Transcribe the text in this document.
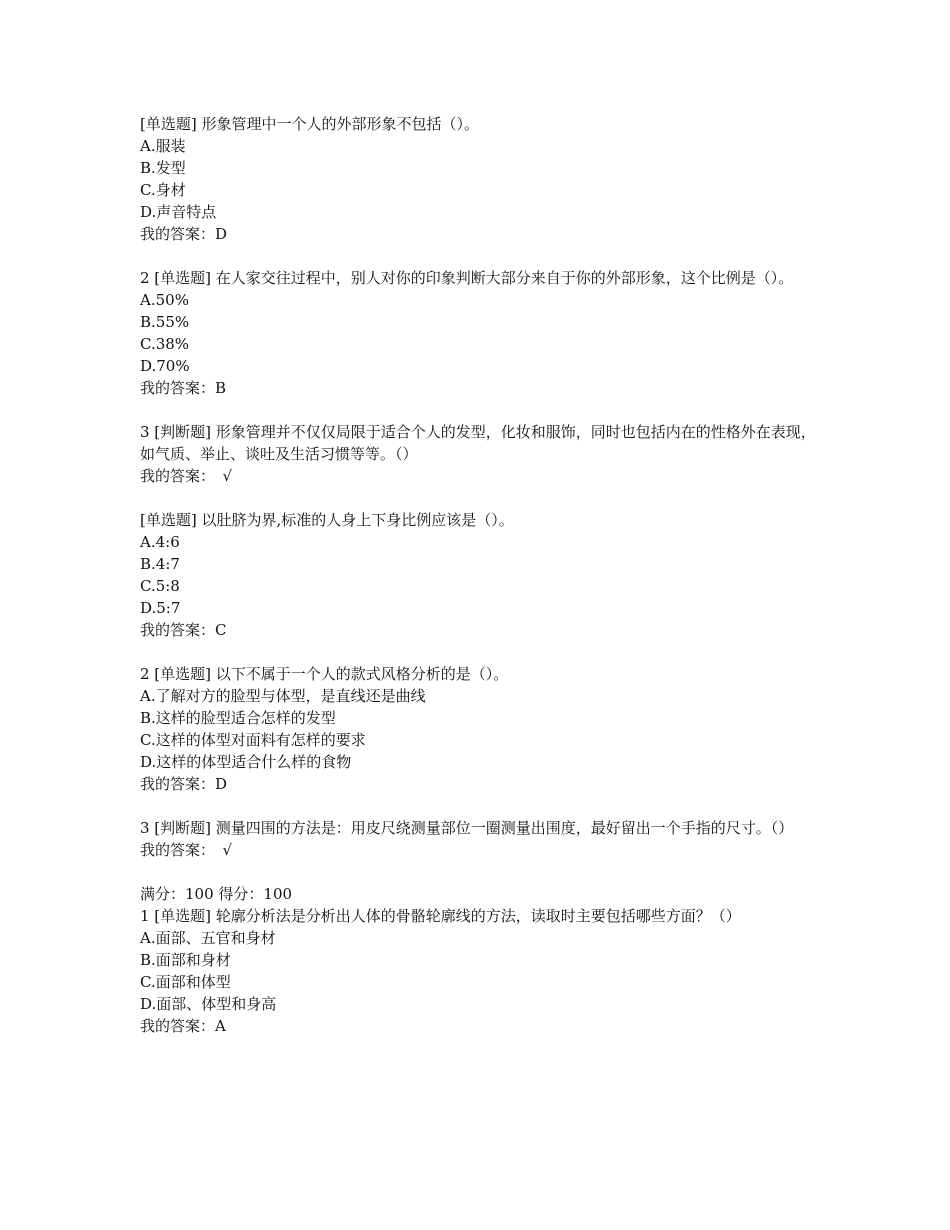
[单选题] 形象管理中一个人的外部形象不包括（）。
A.服装
B.发型
C.身材
D.声音特点
我的答案：D
2 [单选题] 在人家交往过程中，别人对你的印象判断大部分来自于你的外部形象，这个比例是（）。
A.50%
B.55%
C.38%
D.70%
我的答案：B
3 [判断题] 形象管理并不仅仅局限于适合个人的发型，化妆和服饰，同时也包括内在的性格外在表现，如气质、举止、谈吐及生活习惯等等。（）
我的答案：　√
[单选题] 以肚脐为界,标准的人身上下身比例应该是（）。
A.4:6
B.4:7
C.5:8
D.5:7
我的答案：C
2 [单选题] 以下不属于一个人的款式风格分析的是（）。
A.了解对方的脸型与体型，是直线还是曲线
B.这样的脸型适合怎样的发型
C.这样的体型对面料有怎样的要求
D.这样的体型适合什么样的食物
我的答案：D
3 [判断题] 测量四围的方法是：用皮尺绕测量部位一圈测量出围度，最好留出一个手指的尺寸。（）
我的答案：　√
满分：100 得分：100
1 [单选题] 轮廓分析法是分析出人体的骨骼轮廓线的方法，读取时主要包括哪些方面？（）
A.面部、五官和身材
B.面部和身材
C.面部和体型
D.面部、体型和身高
我的答案：A
